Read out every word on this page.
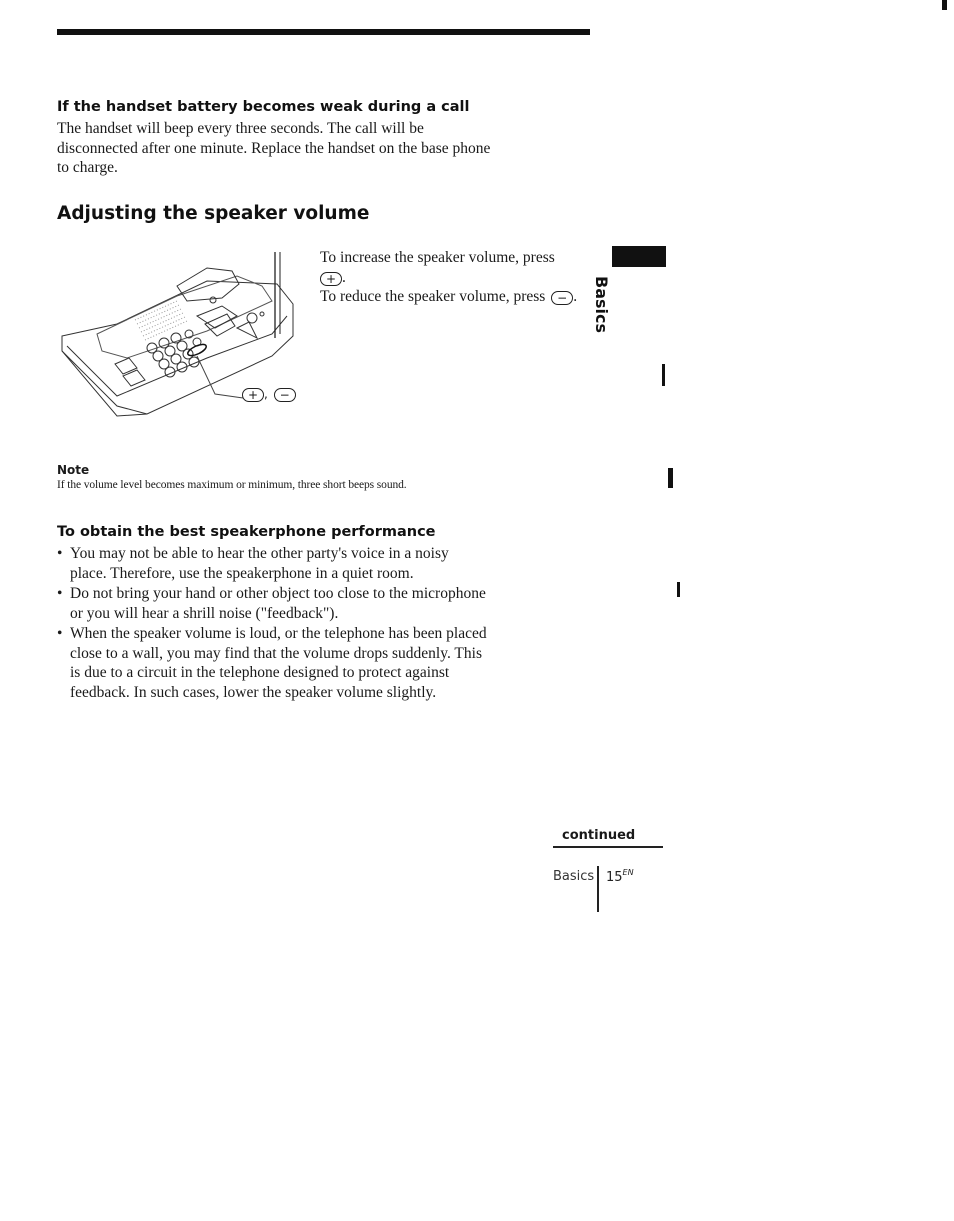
If the handset battery becomes weak during a call
The handset will beep every three seconds. The call will be
disconnected after one minute. Replace the handset on the base phone
to charge.
Adjusting the speaker volume
+ , −
To increase the speaker volume, press
+ .
To reduce the speaker volume, press − .
Note
If the volume level becomes maximum or minimum, three short beeps sound.
To obtain the best speakerphone performance
• You may not be able to hear the other party's voice in a noisy
place. Therefore, use the speakerphone in a quiet room.
• Do not bring your hand or other object too close to the microphone
or you will hear a shrill noise ("feedback").
• When the speaker volume is loud, or the telephone has been placed
close to a wall, you may find that the volume drops suddenly. This
is due to a circuit in the telephone designed to protect against
feedback. In such cases, lower the speaker volume slightly.
Basics
continued
Basics $15^{EN}$
